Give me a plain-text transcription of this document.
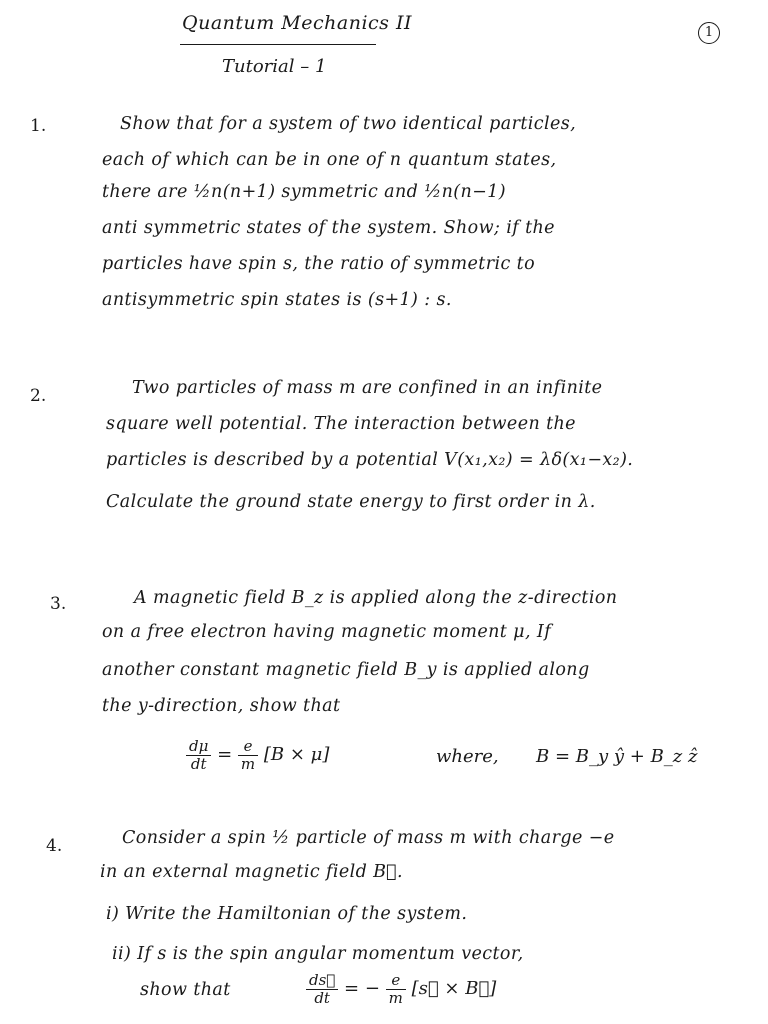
Quantum Mechanics II	1
Tutorial – 1
1.	Show that for a system of two identical particles,
each of which can be in one of n quantum states,
there are ½n(n+1) symmetric and ½n(n−1)
anti symmetric states of the system. Show; if the
particles have spin s, the ratio of symmetric to
antisymmetric spin states is (s+1) : s.
2.	Two particles of mass m are confined in an infinite
square well potential. The interaction between the
particles is described by a potential V(x₁,x₂) = λδ(x₁−x₂).
Calculate the ground state energy to first order in λ.
3.	A magnetic field B_z is applied along the z-direction
on a free electron having magnetic moment μ, If
another constant magnetic field B_y is applied along
the y-direction, show that
$\frac{d\mu}{dt} = \frac{e}{m} [B \times \mu]$	where, B = B_y ŷ + B_z ẑ
4.	Consider a spin ½ particle of mass m with charge −e
in an external magnetic field B⃗.
i) Write the Hamiltonian of the system.
ii) If s is the spin angular momentum vector,
show that	$\frac{ds⃗}{dt}$ = − $\frac{e}{m}$ [s⃗ × B⃗]
